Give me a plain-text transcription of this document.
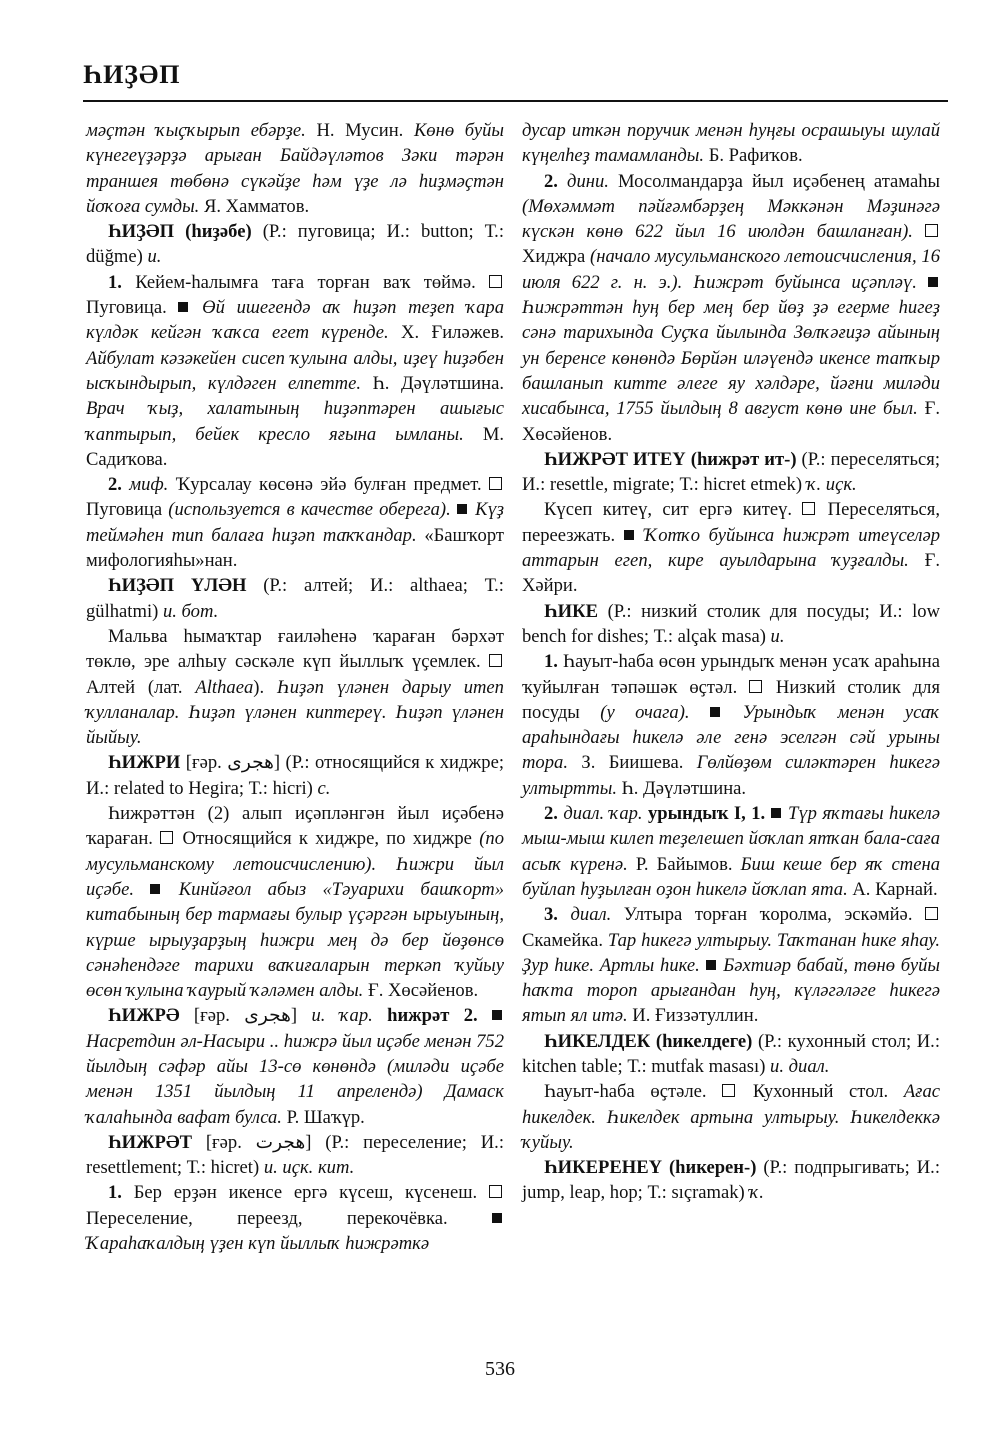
ҺИҘӘП

мәҫтән ҡыҫҡырып ебәрҙе. Н. Мусин. Көнө буйы күнегеүҙәрҙә арыған Байдәүләтов Зәки тәрән траншея төбөнә сүкәйҙе һәм үҙе лә һиҙмәҫтән йоҡоға сумды. Я. Хамматов.

ҺИҘӘП (һиҙәбе) (Р.: пуговица; И.: button; Т.: düğme) и.

1. Кейем-һалымға таға торған ваҡ төймә.  Пуговица.  Өй ишегендә аҡ һиҙәп теҙеп ҡара күлдәк кейгән ҡаҡса егет күренде. Х. Ғиләжев. Айбулат кәзәкейен сисеп ҡулына алды, иҙеү һиҙәбен ысҡындырып, күлдәген елпетте. Һ. Дәүләтшина. Врач ҡыҙ, халатының һиҙәптәрен ашығыс ҡаптырып, бейек кресло яғына ымланы. М. Садиҡова.

2. миф. Ҡурсалау көсөнә эйә булған предмет.  Пуговица (используется в качестве оберега).  Күҙ теймәһен тип балаға һиҙәп таҡҡандар. «Башҡорт мифологияһы»нан.

ҺИҘӘП ҮЛӘН (Р.: алтей; И.: althaea; Т.: gülhatmi) и. бот.

Мальва һымаҡтар ғаиләһенә ҡараған бәрхәт төклө, эре алһыу сәскәле күп йыллыҡ үҫемлек.  Алтей (лат. Althaea). Һиҙәп үләнен дарыу итеп ҡулланалар. Һиҙәп үләнен киптереү. Һиҙәп үләнен йыйыу.

ҺИЖРИ [ғәр. هجرى] (Р.: относящийся к хиджре; И.: related to Hegira; Т.: hicri) с.

Һижрәттән (2) алып иҫәпләнгән йыл иҫәбенә ҡараған.  Относящийся к хиджре, по хиджре (по мусульманскому летоисчислению). Һижри йыл иҫәбе.  Кинйәғол абыз «Тәуарихи башҡорт» китабының бер тармағы булыр үҫәргән ырыуының, күрше ырыуҙарҙың һижри мең дә бер йөҙөнсө сәнәһендәге тарихи ваҡиғаларын теркәп ҡуйыу өсөн ҡулына ҡаурый ҡәләмен алды. Ғ. Хөсәйенов.

ҺИЖРӘ [ғәр. هجرى] и. ҡар. һижрәт 2.  Насретдин әл-Насыри .. һижрә йыл иҫәбе менән 752 йылдың сәфәр айы 13-сө көнөндә (миләди иҫәбе менән 1351 йылдың 11 апрелендә) Дамаск ҡалаһында вафат булса. Р. Шаҡүр.

ҺИЖРӘТ [ғәр. هجرت] (Р.: переселение; И.: resettlement; Т.: hicret) и. иҫк. кит.

1. Бер ерҙән икенсе ергә күсеш, күсенеш.  Переселение, переезд, перекочёвка.  Ҡараһаҡалдың үҙен күп йыллыҡ һижрәткә

дусар иткән поручик менән һуңғы осрашыуы шулай күңелһеҙ тамамланды. Б. Рафиҡов.

2. дини. Мосолмандарҙа йыл иҫәбенең атамаһы (Мөхәммәт пәйғәмбәрҙең Мәккәнән Мәҙинәгә күскән көнө 622 йыл 16 июлдән башланған).  Хиджра (начало мусульманского летоисчисления, 16 июля 622 г. н. э.). Һижрәт буйынса иҫәпләү.  Һижрәттән һуң бер мең бер йөҙ ҙә егерме һигеҙ сәнә тарихында Суҫҡа йылында Зөлҡәғиҙә айының ун беренсе көнөндә Бөрйән иләүендә икенсе тапҡыр башланып китте әлеге яу хәлдәре, йәғни миләди хисабынса, 1755 йылдың 8 август көнө ине был. Ғ. Хөсәйенов.

ҺИЖРӘТ ИТЕҮ (һижрәт ит-) (Р.: переселяться; И.: resettle, migrate; Т.: hicret etmek) ҡ. иҫк.

Күсеп китеү, сит ергә китеү.  Переселяться, переезжать.  Ҡотҡо буйынса һижрәт итеүселәр аттарын егеп, кире ауылдарына ҡуҙғалды. Ғ. Хәйри.

ҺИКЕ (Р.: низкий столик для посуды; И.: low bench for dishes; Т.: alçak masa) и.

1. Һауыт-һаба өсөн урындыҡ менән усаҡ араһына ҡуйылған тәпәшәк өҫтәл.  Низкий столик для посуды (у очага).  Урындыҡ менән усаҡ араһындағы һикелә әле генә эселгән сәй урыны тора. З. Биишева. Гөлйөҙөм силәктәрен һикегә ултыртты. Һ. Дәүләтшина.

2. диал. ҡар. урындыҡ I, 1.  Түр яҡтағы һикелә мыш-мыш килеп теҙелешеп йоҡлап ятҡан бала-саға асыҡ күренә. Р. Байымов. Биш кеше бер яҡ стена буйлап һуҙылған оҙон һикелә йоҡлап ята. А. Карнай.

3. диал. Ултыра торған ҡоролма, эскәмйә.  Скамейка. Тар һикегә ултырыу. Таҡтанан һике яһау. Ҙур һике. Артлы һике.  Бәхтиәр бабай, төнө буйы һаҡта тороп арығандан һуң, күләгәләге һикегә ятып ял итә. И. Ғиззәтуллин.

ҺИКЕЛДЕК (һикелдеге) (Р.: кухонный стол; И.: kitchen table; Т.: mutfak masası) и. диал.

Һауыт-һаба өҫтәле.  Кухонный стол. Ағас һикелдек. Һикелдек артына ултырыу. Һикелдеккә ҡуйыу.

ҺИКЕРЕНЕҮ (һикерен-) (Р.: подпрыгивать; И.: jump, leap, hop; Т.: sıçramak) ҡ.

536
